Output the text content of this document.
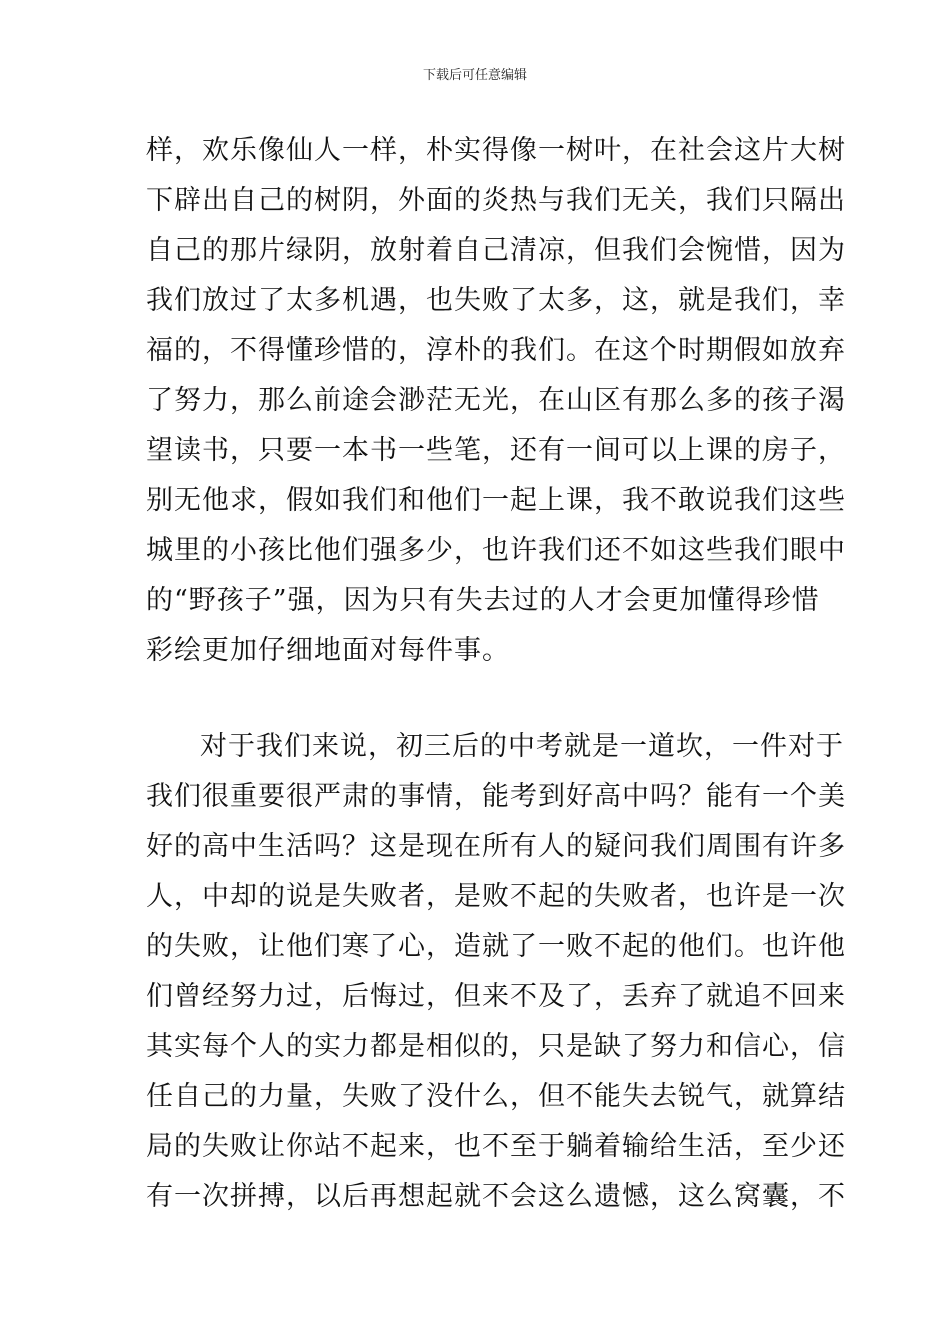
下载后可任意编辑
样，欢乐像仙人一样，朴实得像一树叶，在社会这片大树
下辟出自己的树阴，外面的炎热与我们无关，我们只隔出
自己的那片绿阴，放射着自己清凉，但我们会惋惜，因为
我们放过了太多机遇，也失败了太多，这，就是我们，幸
福的，不得懂珍惜的，淳朴的我们。在这个时期假如放弃
了努力，那么前途会渺茫无光，在山区有那么多的孩子渴
望读书，只要一本书一些笔，还有一间可以上课的房子，
别无他求，假如我们和他们一起上课，我不敢说我们这些
城里的小孩比他们强多少，也许我们还不如这些我们眼中
的“野孩子”强，因为只有失去过的人才会更加懂得珍惜
彩绘更加仔细地面对每件事。
对于我们来说，初三后的中考就是一道坎，一件对于
我们很重要很严肃的事情，能考到好高中吗？能有一个美
好的高中生活吗？这是现在所有人的疑问我们周围有许多
人，中却的说是失败者，是败不起的失败者，也许是一次
的失败，让他们寒了心，造就了一败不起的他们。也许他
们曾经努力过，后悔过，但来不及了，丢弃了就追不回来
其实每个人的实力都是相似的，只是缺了努力和信心，信
任自己的力量，失败了没什么，但不能失去锐气，就算结
局的失败让你站不起来，也不至于躺着输给生活，至少还
有一次拼搏，以后再想起就不会这么遗憾，这么窝囊，不
